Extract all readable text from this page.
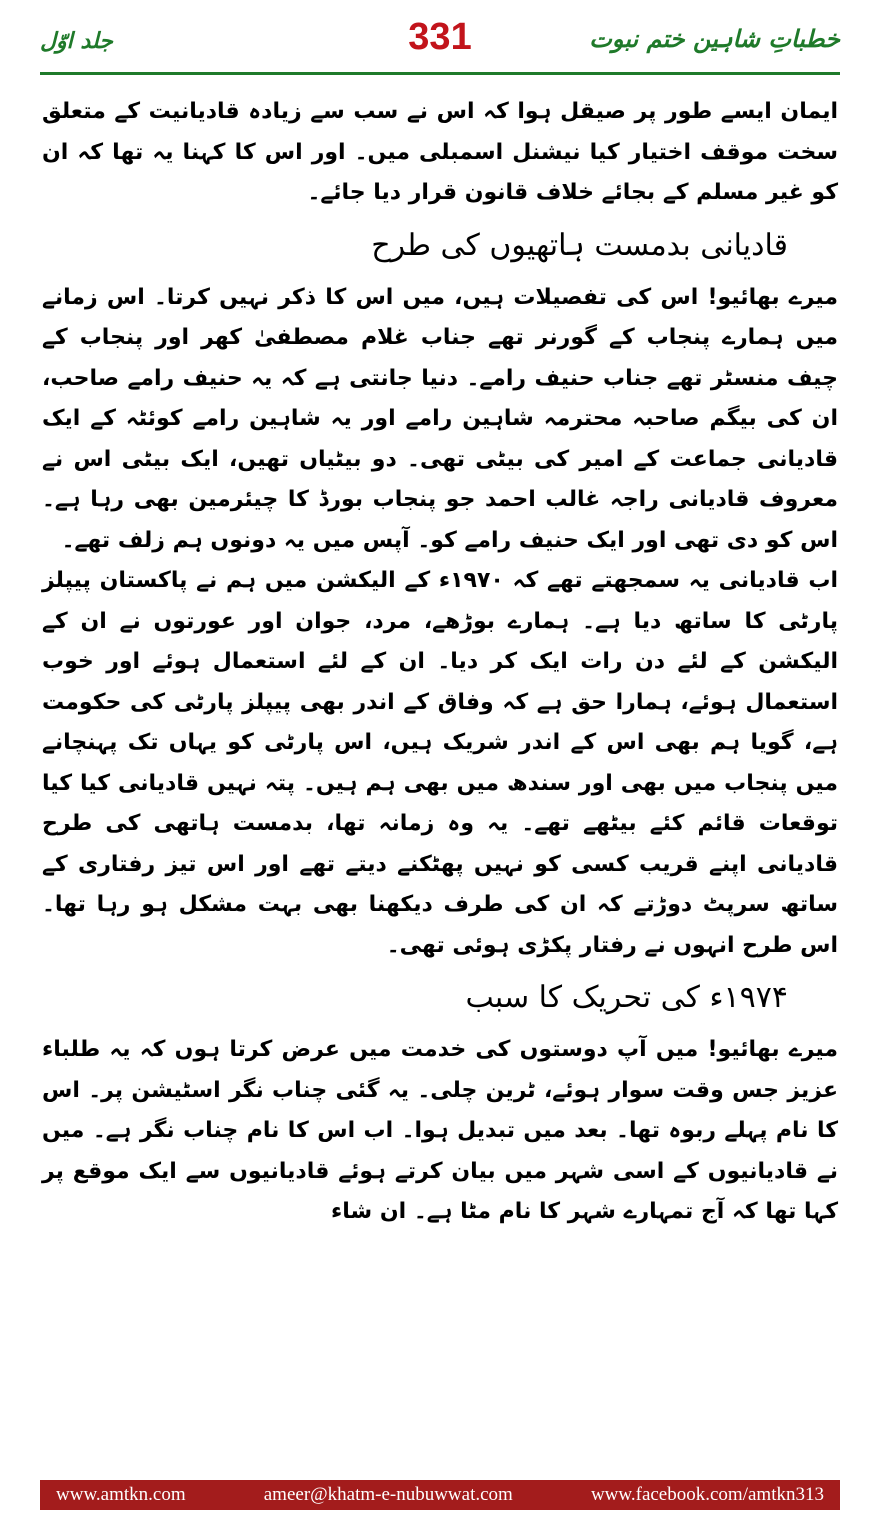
خطباتِ شاہین ختم نبوت
331
جلد اوّل

ایمان ایسے طور پر صیقل ہوا کہ اس نے سب سے زیادہ قادیانیت کے متعلق سخت موقف اختیار کیا نیشنل اسمبلی میں۔ اور اس کا کہنا یہ تھا کہ ان کو غیر مسلم کے بجائے خلاف قانون قرار دیا جائے۔

قادیانی بدمست ہاتھیوں کی طرح

میرے بھائیو! اس کی تفصیلات ہیں، میں اس کا ذکر نہیں کرتا۔ اس زمانے میں ہمارے پنجاب کے گورنر تھے جناب غلام مصطفیٰ کھر اور پنجاب کے چیف منسٹر تھے جناب حنیف رامے۔ دنیا جانتی ہے کہ یہ حنیف رامے صاحب، ان کی بیگم صاحبہ محترمہ شاہین رامے اور یہ شاہین رامے کوئٹہ کے ایک قادیانی جماعت کے امیر کی بیٹی تھی۔ دو بیٹیاں تھیں، ایک بیٹی اس نے معروف قادیانی راجہ غالب احمد جو پنجاب بورڈ کا چیئرمین بھی رہا ہے۔ اس کو دی تھی اور ایک حنیف رامے کو۔ آپس میں یہ دونوں ہم زلف تھے۔

اب قادیانی یہ سمجھتے تھے کہ ۱۹۷۰ء کے الیکشن میں ہم نے پاکستان پیپلز پارٹی کا ساتھ دیا ہے۔ ہمارے بوڑھے، مرد، جوان اور عورتوں نے ان کے الیکشن کے لئے دن رات ایک کر دیا۔ ان کے لئے استعمال ہوئے اور خوب استعمال ہوئے، ہمارا حق ہے کہ وفاق کے اندر بھی پیپلز پارٹی کی حکومت ہے، گویا ہم بھی اس کے اندر شریک ہیں، اس پارٹی کو یہاں تک پہنچانے میں پنجاب میں بھی اور سندھ میں بھی ہم ہیں۔ پتہ نہیں قادیانی کیا کیا توقعات قائم کئے بیٹھے تھے۔ یہ وہ زمانہ تھا، بدمست ہاتھی کی طرح قادیانی اپنے قریب کسی کو نہیں پھٹکنے دیتے تھے اور اس تیز رفتاری کے ساتھ سرپٹ دوڑتے کہ ان کی طرف دیکھنا بھی بہت مشکل ہو رہا تھا۔ اس طرح انہوں نے رفتار پکڑی ہوئی تھی۔

۱۹۷۴ء کی تحریک کا سبب

میرے بھائیو! میں آپ دوستوں کی خدمت میں عرض کرتا ہوں کہ یہ طلباء عزیز جس وقت سوار ہوئے، ٹرین چلی۔ یہ گئی چناب نگر اسٹیشن پر۔ اس کا نام پہلے ربوہ تھا۔ بعد میں تبدیل ہوا۔ اب اس کا نام چناب نگر ہے۔ میں نے قادیانیوں کے اسی شہر میں بیان کرتے ہوئے قادیانیوں سے ایک موقع پر کہا تھا کہ آج تمہارے شہر کا نام مٹا ہے۔ ان شاء

www.amtkn.com	ameer@khatm-e-nubuwwat.com	www.facebook.com/amtkn313
